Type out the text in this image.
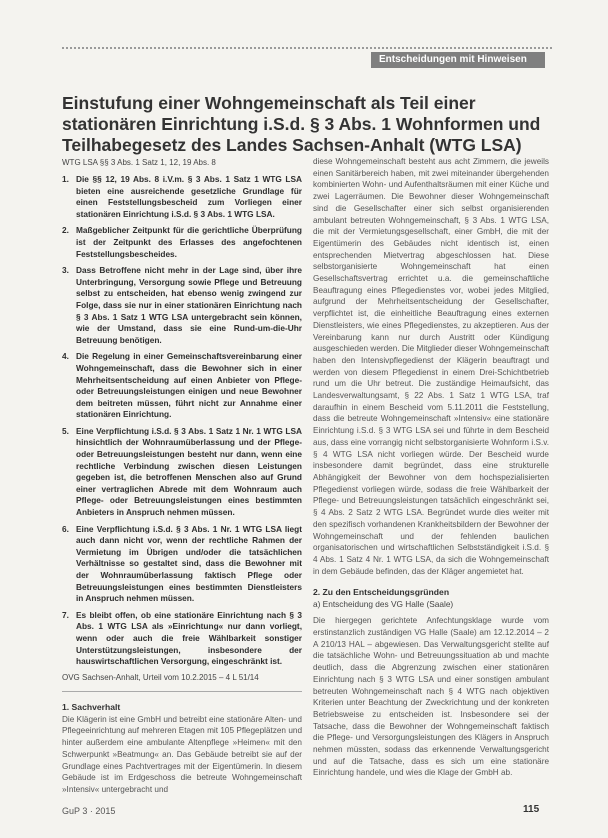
Entscheidungen mit Hinweisen
Einstufung einer Wohngemeinschaft als Teil einer stationären Einrichtung i.S.d. § 3 Abs. 1 Wohnformen und Teilhabegesetz des Landes Sachsen-Anhalt (WTG LSA)

WTG LSA §§ 3 Abs. 1 Satz 1, 12, 19 Abs. 8

1. Die §§ 12, 19 Abs. 8 i.V.m. § 3 Abs. 1 Satz 1 WTG LSA bieten eine ausreichende gesetzliche Grundlage für einen Feststellungsbescheid zum Vorliegen einer stationären Einrichtung i.S.d. § 3 Abs. 1 WTG LSA.
2. Maßgeblicher Zeitpunkt für die gerichtliche Überprüfung ist der Zeitpunkt des Erlasses des angefochtenen Feststellungsbescheides.
3. Dass Betroffene nicht mehr in der Lage sind, über ihre Unterbringung, Versorgung sowie Pflege und Betreuung selbst zu entscheiden, hat ebenso wenig zwingend zur Folge, dass sie nur in einer stationären Einrichtung nach § 3 Abs. 1 Satz 1 WTG LSA untergebracht sein können, wie der Umstand, dass sie eine Rund-um-die-Uhr Betreuung benötigen.
4. Die Regelung in einer Gemeinschaftsvereinbarung einer Wohngemeinschaft, dass die Bewohner sich in einer Mehrheitsentscheidung auf einen Anbieter von Pflege- oder Betreuungsleistungen einigen und neue Bewohner dem beitreten müssen, führt nicht zur Annahme einer stationären Einrichtung.
5. Eine Verpflichtung i.S.d. § 3 Abs. 1 Satz 1 Nr. 1 WTG LSA hinsichtlich der Wohnraumüberlassung und der Pflege- oder Betreuungsleistungen besteht nur dann, wenn eine rechtliche Verbindung zwischen diesen Leistungen gegeben ist, die betroffenen Menschen also auf Grund einer vertraglichen Abrede mit dem Wohnraum auch Pflege- oder Betreuungsleistungen eines bestimmten Anbieters in Anspruch nehmen müssen.
6. Eine Verpflichtung i.S.d. § 3 Abs. 1 Nr. 1 WTG LSA liegt auch dann nicht vor, wenn der rechtliche Rahmen der Vermietung im Übrigen und/oder die tatsächlichen Verhältnisse so gestaltet sind, dass die Bewohner mit der Wohnraumüberlassung faktisch Pflege oder Betreuungsleistungen eines bestimmten Dienstleisters in Anspruch nehmen müssen.
7. Es bleibt offen, ob eine stationäre Einrichtung nach § 3 Abs. 1 WTG LSA als »Einrichtung« nur dann vorliegt, wenn oder auch die freie Wählbarkeit sonstiger Unterstützungsleistungen, insbesondere der hauswirtschaftlichen Versorgung, eingeschränkt ist.

OVG Sachsen-Anhalt, Urteil vom 10.2.2015 – 4 L 51/14

1. Sachverhalt

Die Klägerin ist eine GmbH und betreibt eine stationäre Alten- und Pflegeeinrichtung auf mehreren Etagen mit 105 Pflegeplätzen und hinter außerdem eine ambulante Altenpflege »Heimen« mit den Schwerpunkt »Beatmung« an. Das Gebäude betreibt sie auf der Grundlage eines Pachtvertrages mit der Eigentümerin. In diesem Gebäude ist im Erdgeschoss die betreute Wohngemeinschaft »Intensiv« untergebracht und

diese Wohngemeinschaft besteht aus acht Zimmern, die jeweils einen Sanitärbereich haben, mit zwei miteinander übergehenden kombinierten Wohn- und Aufenthaltsräumen mit einer Küche und zwei Lagerräumen. Die Bewohner dieser Wohngemeinschaft sind die Gesellschafter einer sich selbst organisierenden ambulant betreuten Wohngemeinschaft, § 3 Abs. 1 WTG LSA, die mit der Vermietungsgesellschaft, einer GmbH, die mit der Eigentümerin des Gebäudes nicht identisch ist, einen entsprechenden Mietvertrag abgeschlossen hat. Diese selbstorganisierte Wohngemeinschaft hat einen Gesellschaftsvertrag errichtet u.a. die gemeinschaftliche Beauftragung eines Pflegedienstes vor, wobei jedes Mitglied, aufgrund der Mehrheitsentscheidung der Gesellschafter, verpflichtet ist, die einheitliche Beauftragung eines externen Dienstleisters, wie eines Pflegedienstes, zu akzeptieren. Aus der Vereinbarung kann nur durch Austritt oder Kündigung ausgeschieden werden. Die Mitglieder dieser Wohngemeinschaft haben den Intensivpflegedienst der Klägerin beauftragt und werden von diesem Pflegedienst in einem Drei-Schichtbetrieb rund um die Uhr betreut. Die zuständige Heimaufsicht, das Landesverwaltungsamt, § 22 Abs. 1 Satz 1 WTG LSA, traf daraufhin in einem Bescheid vom 5.11.2011 die Feststellung, dass die betreute Wohngemeinschaft »Intensiv« eine stationäre Einrichtung i.S.d. § 3 WTG LSA sei und führte in dem Bescheid aus, dass eine vorrangig nicht selbstorganisierte Wohnform i.S.v. § 4 WTG LSA nicht vorliegen würde. Der Bescheid wurde insbesondere damit begründet, dass eine strukturelle Abhängigkeit der Bewohner von dem hochspezialisierten Pflegedienst vorliegen würde, sodass die freie Wählbarkeit der Pflege- und Betreuungsleistungen tatsächlich eingeschränkt sei, § 4 Abs. 2 Satz 2 WTG LSA. Begründet wurde dies weiter mit den spezifisch vorhandenen Krankheitsbildern der Bewohner der Wohngemeinschaft und der fehlenden baulichen organisatorischen und wirtschaftlichen Selbstständigkeit i.S.d. § 4 Abs. 1 Satz 4 Nr. 1 WTG LSA, da sich die Wohngemeinschaft in dem Gebäude befinden, das der Kläger angemietet hat.

2. Zu den Entscheidungsgründen
a) Entscheidung des VG Halle (Saale)

Die hiergegen gerichtete Anfechtungsklage wurde vom erstinstanzlich zuständigen VG Halle (Saale) am 12.12.2014 – 2 A 210/13 HAL – abgewiesen. Das Verwaltungsgericht stellte auf die tatsächliche Wohn- und Betreuungssituation ab und machte deutlich, dass die Abgrenzung zwischen einer stationären Einrichtung nach § 3 WTG LSA und einer sonstigen ambulant betreuten Wohngemeinschaft nach § 4 WTG nach objektiven Kriterien unter Beachtung der Zweckrichtung und der konkreten Betriebsweise zu entscheiden ist. Insbesondere sei der Tatsache, dass die Bewohner der Wohngemeinschaft faktisch die Pflege- und Versorgungsleistungen des Klägers in Anspruch nehmen müssten, sodass das erkennende Verwaltungsgericht und auf die Tatsache, dass es sich um eine stationäre Einrichtung handele, und wies die Klage der GmbH ab.

GuP 3 · 2015	115
